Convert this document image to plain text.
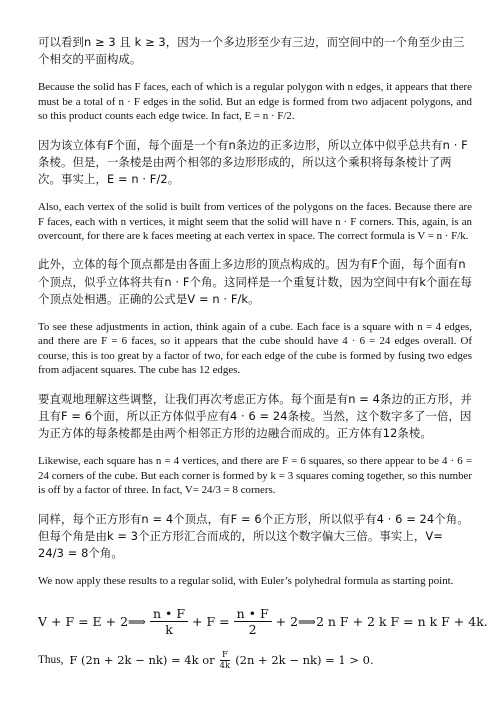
可以看到n ≥ 3 且 k ≥ 3，因为一个多边形至少有三边，而空间中的一个角至少由三个相交的平面构成。

Because the solid has F faces, each of which is a regular polygon with n edges, it appears that there must be a total of n · F edges in the solid. But an edge is formed from two adjacent polygons, and so this product counts each edge twice. In fact, E = n · F/2.

因为该立体有F个面，每个面是一个有n条边的正多边形，所以立体中似乎总共有n · F条棱。但是，一条棱是由两个相邻的多边形形成的，所以这个乘积将每条棱计了两次。事实上，E = n · F/2。

Also, each vertex of the solid is built from vertices of the polygons on the faces. Because there are F faces, each with n vertices, it might seem that the solid will have n · F corners. This, again, is an overcount, for there are k faces meeting at each vertex in space. The correct formula is V = n · F/k.

此外，立体的每个顶点都是由各面上多边形的顶点构成的。因为有F个面，每个面有n个顶点，似乎立体将共有n · F个角。这同样是一个重复计数，因为空间中有k个面在每个顶点处相遇。正确的公式是V = n · F/k。

To see these adjustments in action, think again of a cube. Each face is a square with n = 4 edges, and there are F = 6 faces, so it appears that the cube should have 4 · 6 = 24 edges overall. Of course, this is too great by a factor of two, for each edge of the cube is formed by fusing two edges from adjacent squares. The cube has 12 edges.

要直观地理解这些调整，让我们再次考虑正方体。每个面是有n = 4条边的正方形，并且有F = 6个面，所以正方体似乎应有4 · 6 = 24条棱。当然，这个数字多了一倍，因为正方体的每条棱都是由两个相邻正方形的边融合而成的。正方体有12条棱。

Likewise, each square has n = 4 vertices, and there are F = 6 squares, so there appear to be 4 · 6 = 24 corners of the cube. But each corner is formed by k = 3 squares coming together, so this number is off by a factor of three. In fact, V= 24/3 = 8 corners.

同样，每个正方形有n = 4个顶点，有F = 6个正方形，所以似乎有4 · 6 = 24个角。但每个角是由k = 3个正方形汇合而成的，所以这个数字偏大三倍。事实上，V= 24/3 = 8个角。

We now apply these results to a regular solid, with Euler’s polyhedral formula as starting point.

V + F = E + 2 ⟹ $\frac{n • F}{k} + F = \frac{n • F}{2} + 2$ ⟹ 2 n F + 2 k F = n k F + 4k.
Thus, F (2n + 2k − nk) = 4k or $\frac{F}{4k} (2n + 2k - nk) = 1 > 0$.
